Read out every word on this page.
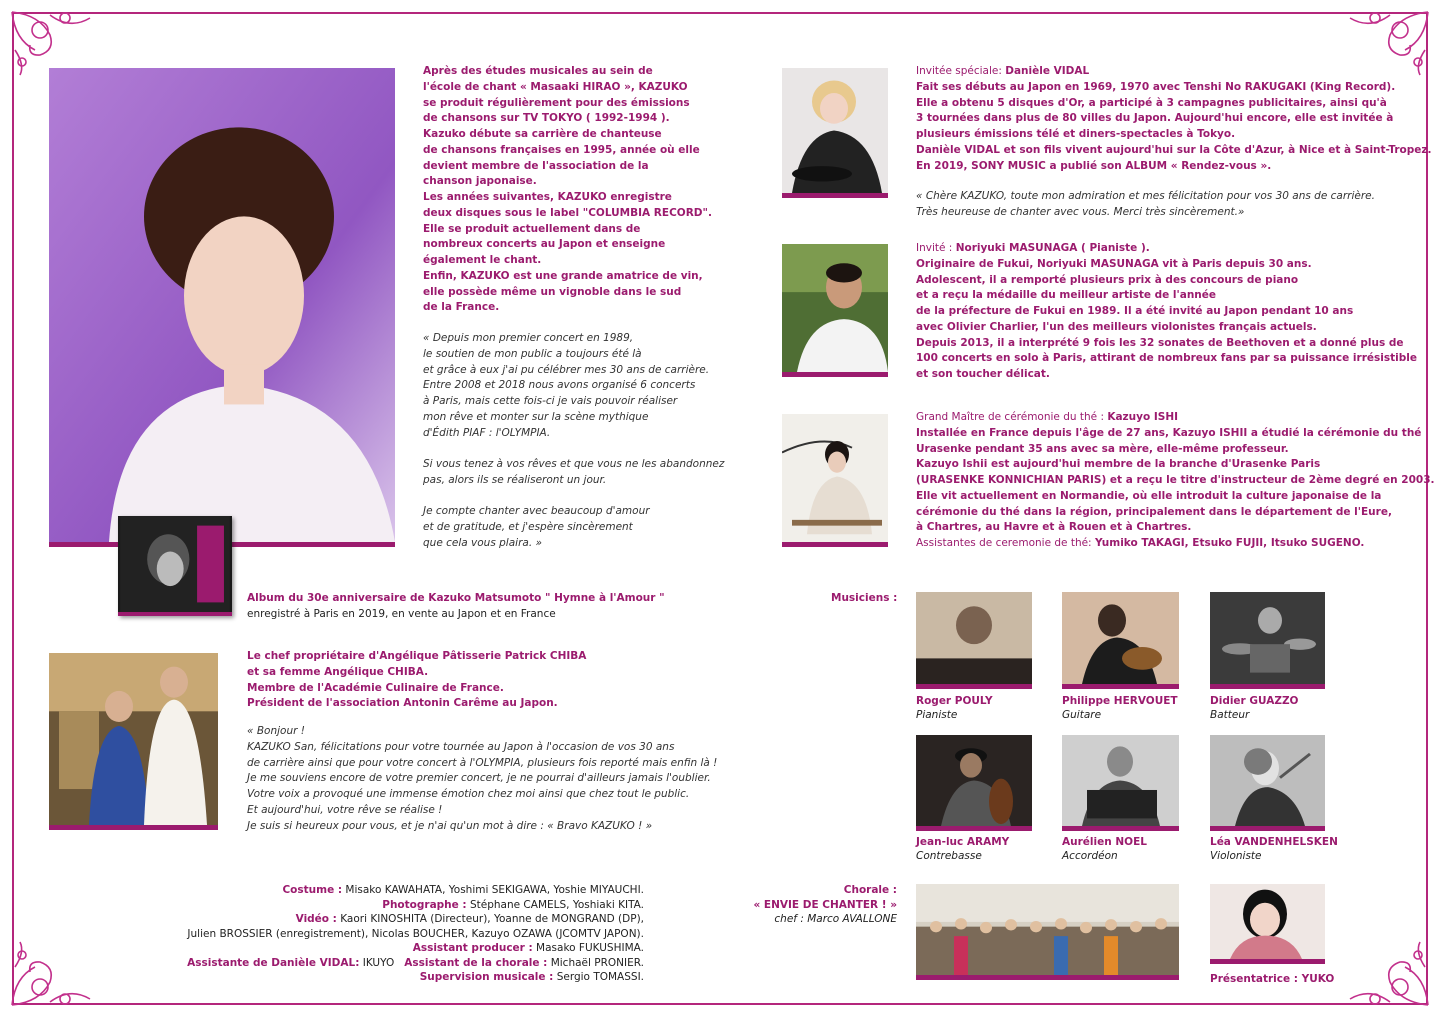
Après des études musicales au sein de
l'école de chant « Masaaki HIRAO », KAZUKO
se produit régulièrement pour des émissions
de chansons sur TV TOKYO ( 1992-1994 ).
Kazuko débute sa carrière de chanteuse
de chansons françaises en 1995, année où elle
devient membre de l'association de la
chanson japonaise.
Les années suivantes, KAZUKO enregistre
deux disques sous le label "COLUMBIA RECORD".
Elle se produit actuellement dans de
nombreux concerts au Japon et enseigne
également le chant.
Enfin, KAZUKO est une grande amatrice de vin,
elle possède même un vignoble dans le sud
de la France.
« Depuis mon premier concert en 1989,
le soutien de mon public a toujours été là
et grâce à eux j'ai pu célébrer mes 30 ans de carrière.
Entre 2008 et 2018 nous avons organisé 6 concerts
à Paris, mais cette fois-ci je vais pouvoir réaliser
mon rêve et monter sur la scène mythique
d'Édith PIAF : l'OLYMPIA.
Si vous tenez à vos rêves et que vous ne les abandonnez
pas, alors ils se réaliseront un jour.
Je compte chanter avec beaucoup d'amour
et de gratitude, et j'espère sincèrement
que cela vous plaira. »
Album du 30e anniversaire de Kazuko Matsumoto " Hymne à l'Amour "
enregistré à Paris en 2019, en vente au Japon et en France
Le chef propriétaire d'Angélique Pâtisserie Patrick CHIBA
et sa femme Angélique CHIBA.
Membre de l'Académie Culinaire de France.
Président de l'association Antonin Carême au Japon.
« Bonjour !
KAZUKO San, félicitations pour votre tournée au Japon à l'occasion de vos 30 ans
de carrière ainsi que pour votre concert à l'OLYMPIA, plusieurs fois reporté mais enfin là !
Je me souviens encore de votre premier concert, je ne pourrai d'ailleurs jamais l'oublier.
Votre voix a provoqué une immense émotion chez moi ainsi que chez tout le public.
Et aujourd'hui, votre rêve se réalise !
Je suis si heureux pour vous, et je n'ai qu'un mot à dire : « Bravo KAZUKO ! »
Costume : Misako KAWAHATA, Yoshimi SEKIGAWA, Yoshie MIYAUCHI.
Photographe : Stéphane CAMELS, Yoshiaki KITA.
Vidéo : Kaori KINOSHITA (Directeur), Yoanne de MONGRAND (DP),
Julien BROSSIER (enregistrement), Nicolas BOUCHER, Kazuyo OZAWA (JCOMTV JAPON).
Assistant producer : Masako FUKUSHIMA.
Assistante de Danièle VIDAL: IKUYO Assistant de la chorale : Michaël PRONIER.
Supervision musicale : Sergio TOMASSI.
Invitée spéciale: Danièle VIDAL
Fait ses débuts au Japon en 1969, 1970 avec Tenshi No RAKUGAKI (King Record).
Elle a obtenu 5 disques d'Or, a participé à 3 campagnes publicitaires, ainsi qu'à
3 tournées dans plus de 80 villes du Japon. Aujourd'hui encore, elle est invitée à
plusieurs émissions télé et diners-spectacles à Tokyo.
Danièle VIDAL et son fils vivent aujourd'hui sur la Côte d'Azur, à Nice et à Saint-Tropez.
En 2019, SONY MUSIC a publié son ALBUM « Rendez-vous ».
« Chère KAZUKO, toute mon admiration et mes félicitation pour vos 30 ans de carrière.
Très heureuse de chanter avec vous. Merci très sincèrement.»
Invité : Noriyuki MASUNAGA ( Pianiste ).
Originaire de Fukui, Noriyuki MASUNAGA vit à Paris depuis 30 ans.
Adolescent, il a remporté plusieurs prix à des concours de piano
et a reçu la médaille du meilleur artiste de l'année
de la préfecture de Fukui en 1989. Il a été invité au Japon pendant 10 ans
avec Olivier Charlier, l'un des meilleurs violonistes français actuels.
Depuis 2013, il a interprété 9 fois les 32 sonates de Beethoven et a donné plus de
100 concerts en solo à Paris, attirant de nombreux fans par sa puissance irrésistible
et son toucher délicat.
Grand Maître de cérémonie du thé : Kazuyo ISHI
Installée en France depuis l'âge de 27 ans, Kazuyo ISHII a étudié la cérémonie du thé
Urasenke pendant 35 ans avec sa mère, elle-même professeur.
Kazuyo Ishii est aujourd'hui membre de la branche d'Urasenke Paris
(URASENKE KONNICHIAN PARIS) et a reçu le titre d'instructeur de 2ème degré en 2003.
Elle vit actuellement en Normandie, où elle introduit la culture japonaise de la
cérémonie du thé dans la région, principalement dans le département de l'Eure,
à Chartres, au Havre et à Rouen et à Chartres.
Assistantes de ceremonie de thé: Yumiko TAKAGI, Etsuko FUJII, Itsuko SUGENO.
Musiciens :
Roger POULY
Pianiste
Philippe HERVOUET
Guitare
Didier GUAZZO
Batteur
Jean-luc ARAMY
Contrebasse
Aurélien NOEL
Accordéon
Léa VANDENHELSKEN
Violoniste
Chorale :
« ENVIE DE CHANTER ! »
chef : Marco AVALLONE
Présentatrice : YUKO
